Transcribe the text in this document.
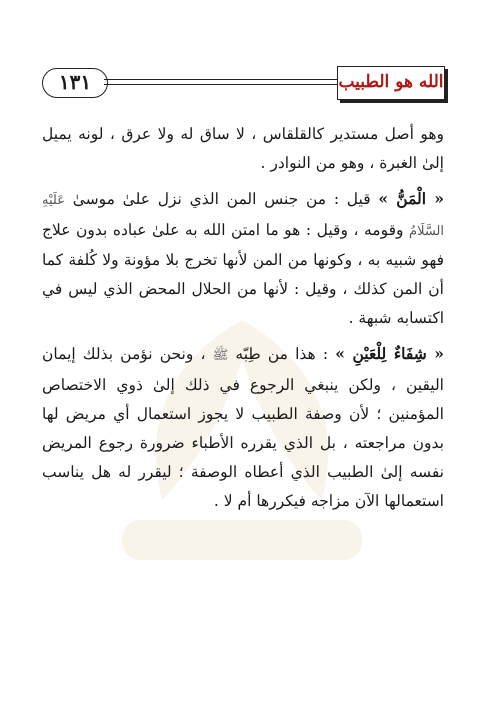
١٣١	الله هو الطبيب

وهو أصل مستدير كالقلقاس ، لا ساق له ولا عرق ، لونه يميل إلىٰ الغبرة ، وهو من النوادر .

« الْمَنُّ » قيل : من جنس المن الذي نزل علىٰ موسىٰ عَلَيْهِ السَّلَامُ وقومه ، وقيل : هو ما امتن الله به علىٰ عباده بدون علاج فهو شبيه به ، وكونها من المن لأنها تخرج بلا مؤونة ولا كُلفة كما أن المن كذلك ، وقيل : لأنها من الحلال المحض الذي ليس في اكتسابه شبهة .

« شِفَاءٌ لِلْعَيْنِ » : هذا من طِبّه ﷺ ، ونحن نؤمن بذلك إيمان اليقين ، ولكن ينبغي الرجوع في ذلك إلىٰ ذوي الاختصاص المؤمنين ؛ لأن وصفة الطبيب لا يجوز استعمال أي مريض لها بدون مراجعته ، بل الذي يقرره الأطباء ضرورة رجوع المريض نفسه إلىٰ الطبيب الذي أعطاه الوصفة ؛ ليقرر له هل يناسب استعمالها الآن مزاجه فيكررها أم لا .
